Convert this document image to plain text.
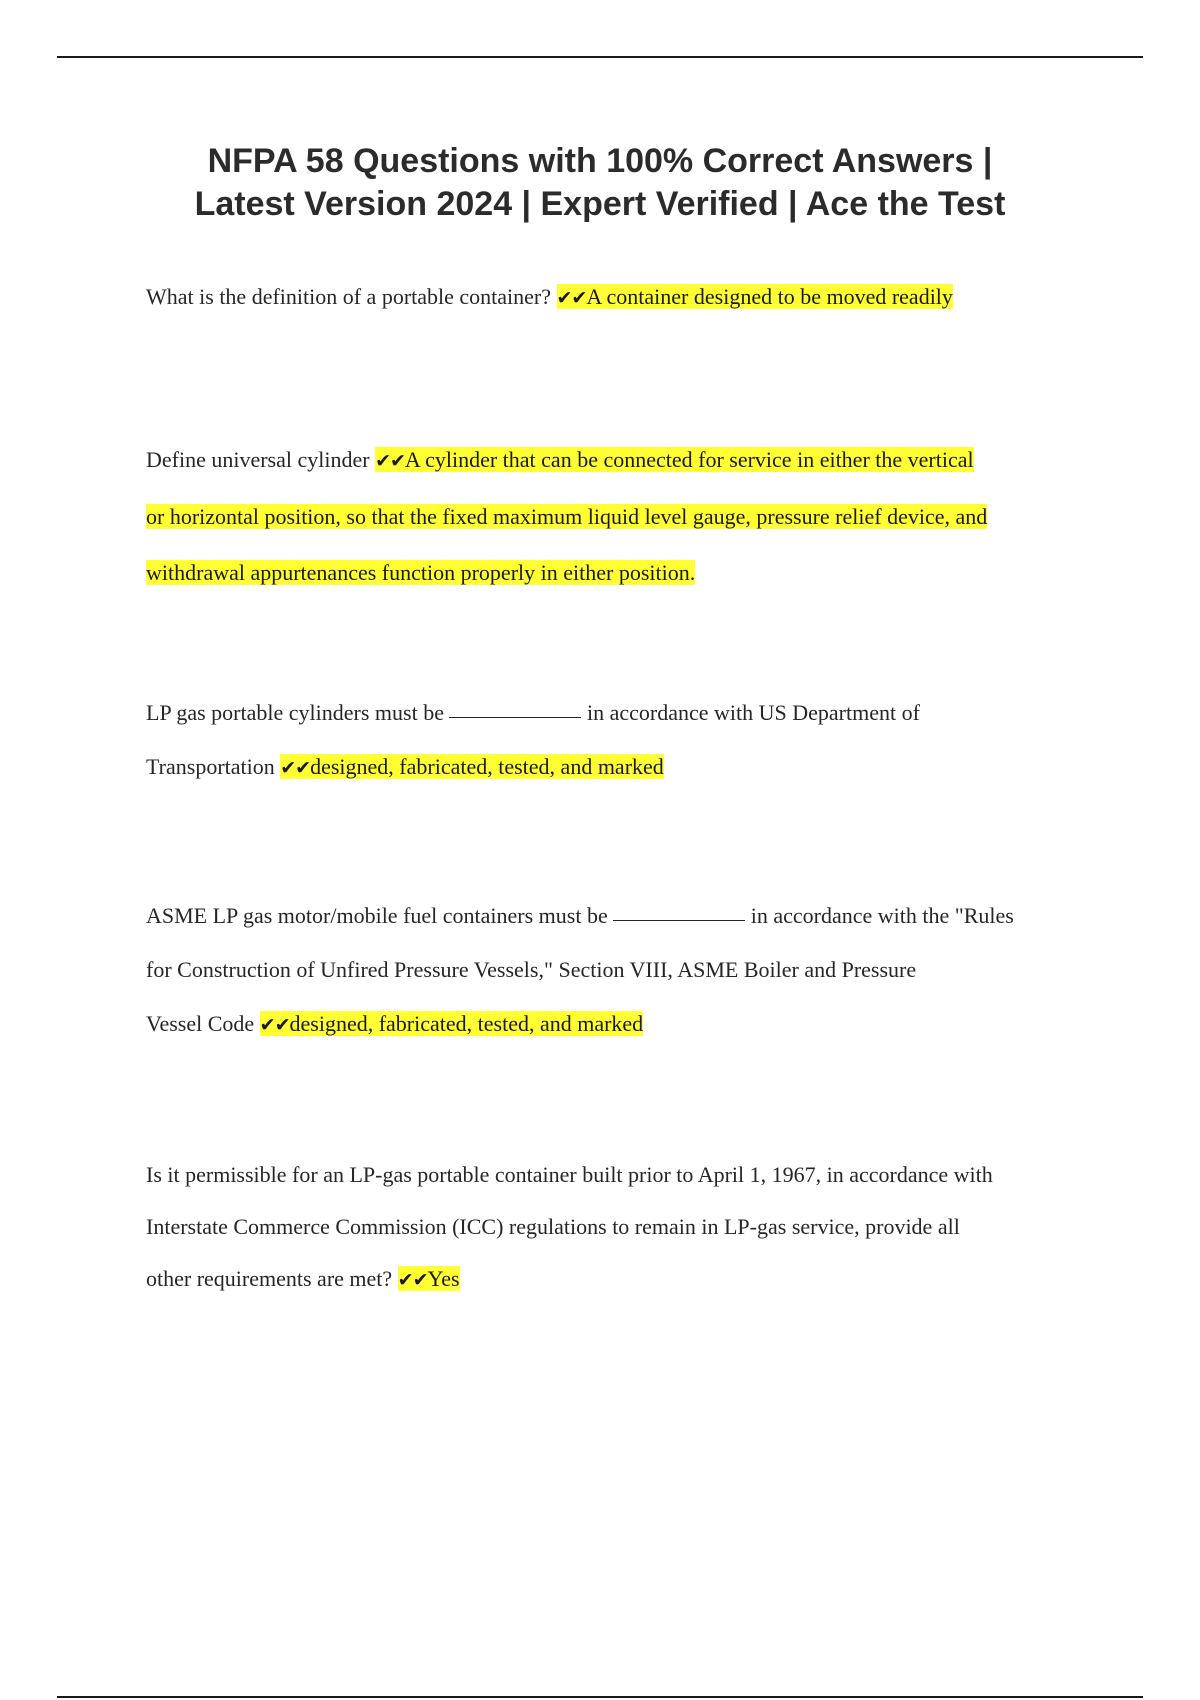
NFPA 58 Questions with 100% Correct Answers |
Latest Version 2024 | Expert Verified | Ace the Test
What is the definition of a portable container? ✔✔A container designed to be moved readily
Define universal cylinder ✔✔A cylinder that can be connected for service in either the vertical
or horizontal position, so that the fixed maximum liquid level gauge, pressure relief device, and
withdrawal appurtenances function properly in either position.
LP gas portable cylinders must be	in accordance with US Department of
Transportation ✔✔designed, fabricated, tested, and marked
ASME LP gas motor/mobile fuel containers must be	in accordance with the "Rules
for Construction of Unfired Pressure Vessels," Section VIII, ASME Boiler and Pressure
Vessel Code ✔✔designed, fabricated, tested, and marked
Is it permissible for an LP-gas portable container built prior to April 1, 1967, in accordance with
Interstate Commerce Commission (ICC) regulations to remain in LP-gas service, provide all
other requirements are met? ✔✔Yes
